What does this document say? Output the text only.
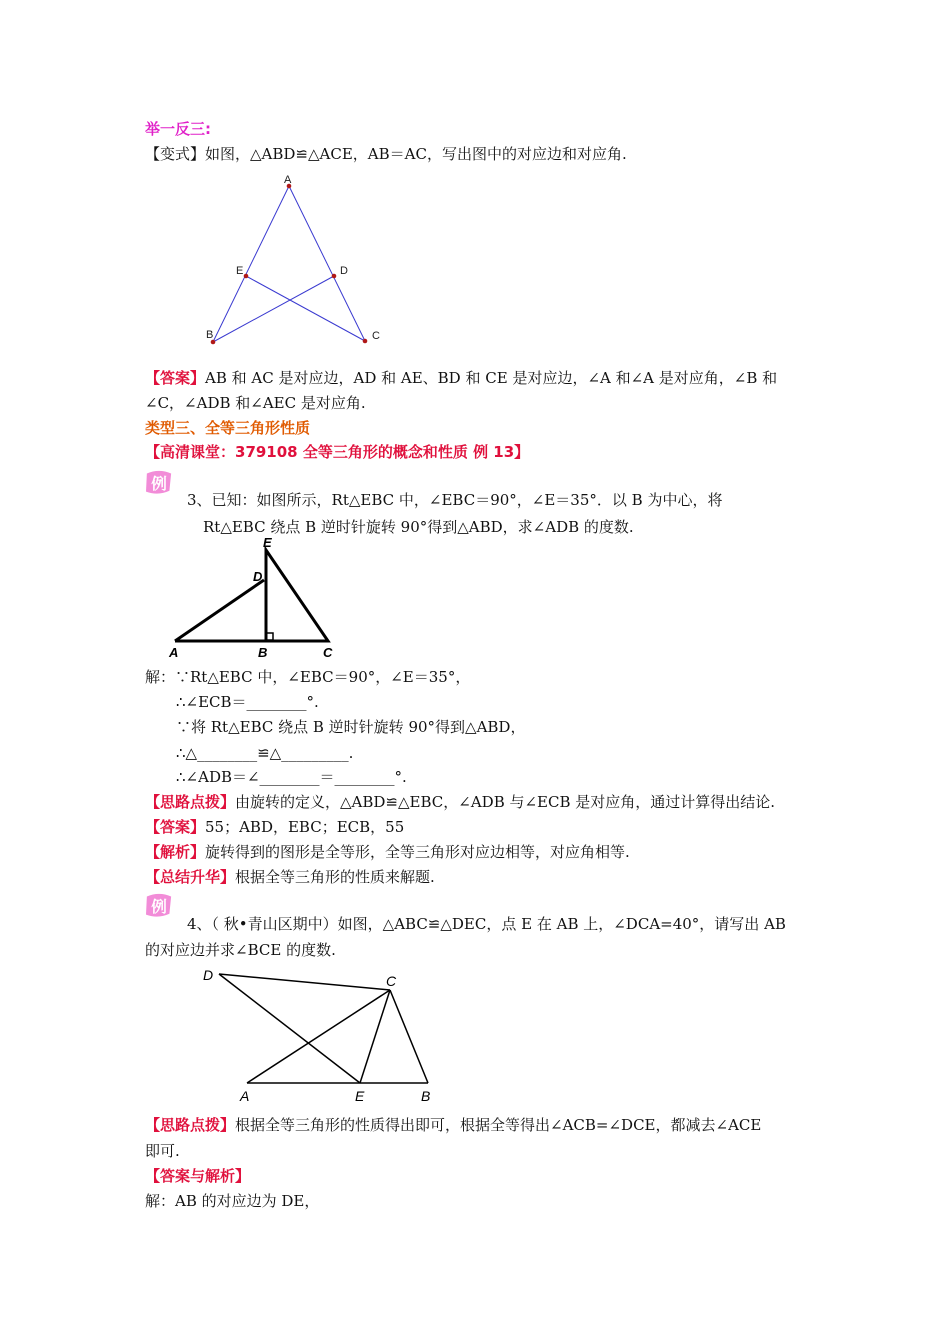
举一反三:
【变式】如图，△ABD≌△ACE，AB＝AC，写出图中的对应边和对应角.
A
E	D
B	C
【答案】AB 和 AC 是对应边，AD 和 AE、BD 和 CE 是对应边，∠A 和∠A 是对应角，∠B 和
∠C，∠ADB 和∠AEC 是对应角.
类型三、全等三角形性质
【高清课堂：379108 全等三角形的概念和性质 例 13】
例
3、已知：如图所示，Rt△EBC 中，∠EBC＝90°，∠E＝35°．以 B 为中心，将
Rt△EBC 绕点 B 逆时针旋转 90°得到△ABD，求∠ADB 的度数.
E
D
A	B	C
解：∵Rt△EBC 中，∠EBC＝90°，∠E＝35°，
∴∠ECB＝________°.
∵将 Rt△EBC 绕点 B 逆时针旋转 90°得到△ABD，
∴△________≌△_________.
∴∠ADB＝∠________＝________°.
【思路点拨】由旋转的定义，△ABD≌△EBC，∠ADB 与∠ECB 是对应角，通过计算得出结论.
【答案】55；ABD，EBC；ECB，55
【解析】旋转得到的图形是全等形，全等三角形对应边相等，对应角相等.
【总结升华】根据全等三角形的性质来解题.
例
4、（ 秋•青山区期中）如图，△ABC≌△DEC，点 E 在 AB 上，∠DCA=40°，请写出 AB
的对应边并求∠BCE 的度数.
D	C
A	E	B
【思路点拨】根据全等三角形的性质得出即可，根据全等得出∠ACB=∠DCE，都减去∠ACE
即可.
【答案与解析】
解：AB 的对应边为 DE，
